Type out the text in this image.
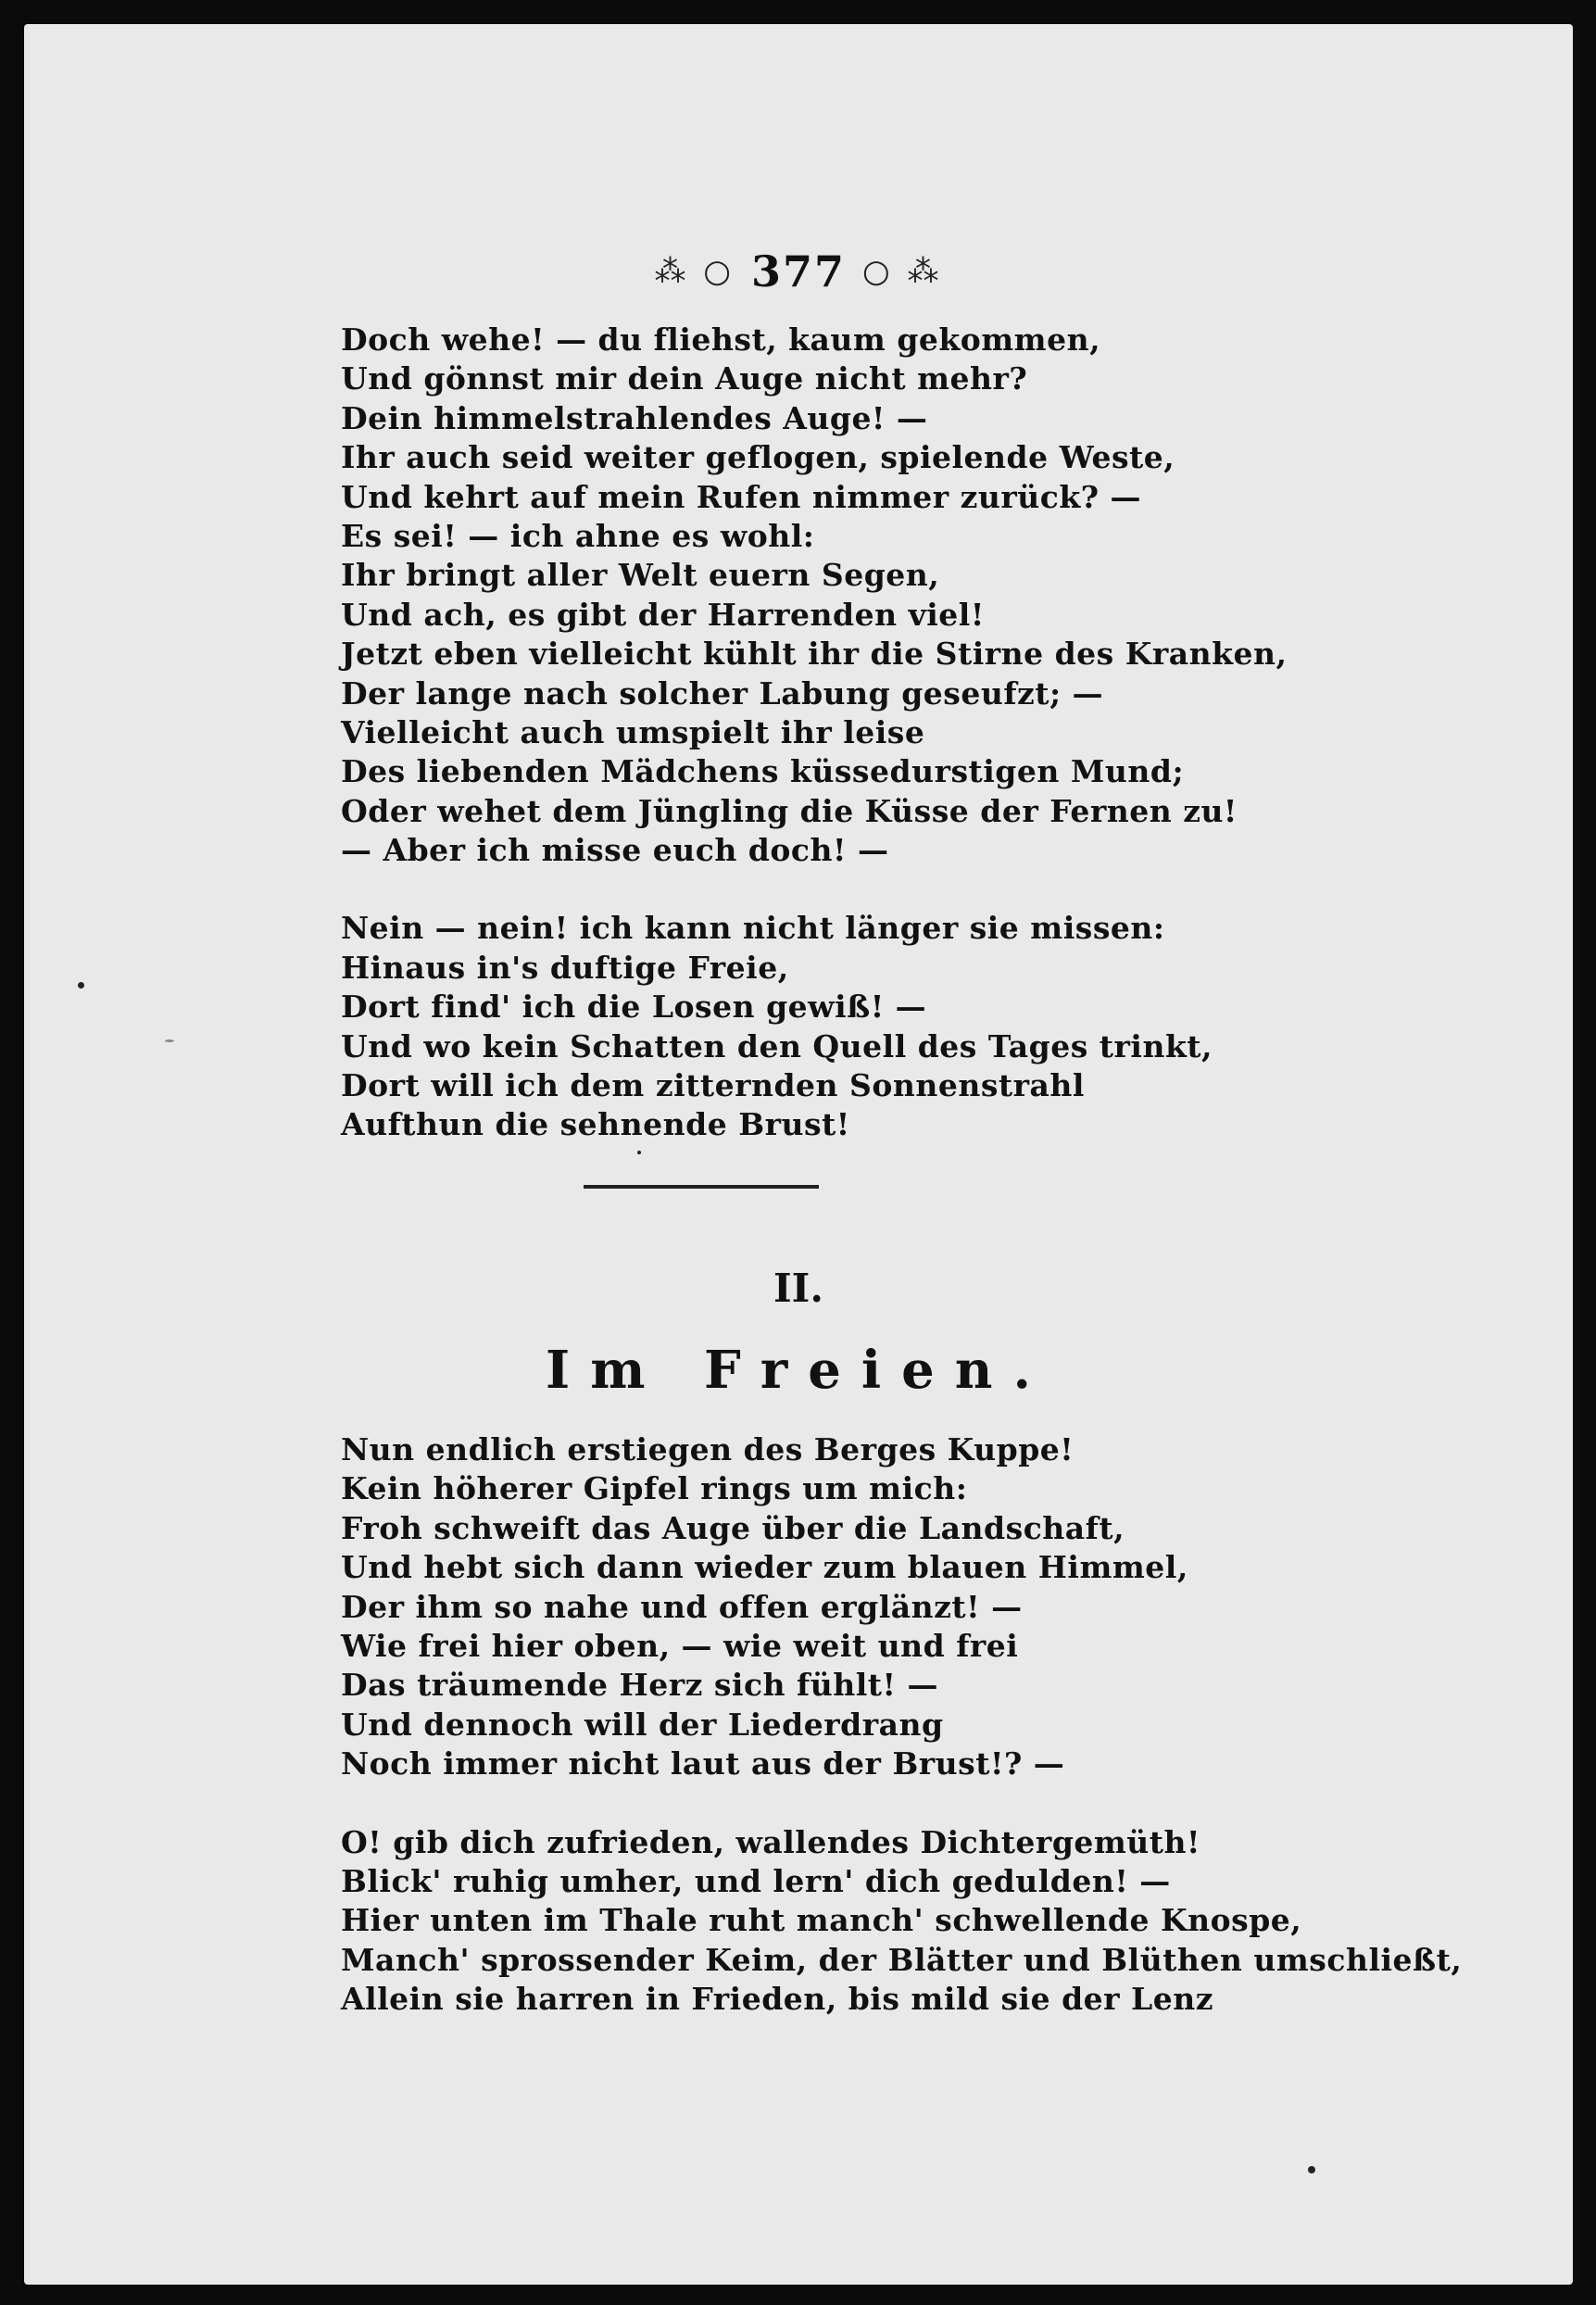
⁂ ○ 377 ○ ⁂
Doch wehe! — du fliehst, kaum gekommen,
Und gönnst mir dein Auge nicht mehr?
Dein himmelstrahlendes Auge! —
Ihr auch seid weiter geflogen, spielende Weste,
Und kehrt auf mein Rufen nimmer zurück? —
Es sei! — ich ahne es wohl:
Ihr bringt aller Welt euern Segen,
Und ach, es gibt der Harrenden viel!
Jetzt eben vielleicht kühlt ihr die Stirne des Kranken,
Der lange nach solcher Labung geseufzt; —
Vielleicht auch umspielt ihr leise
Des liebenden Mädchens küssedurstigen Mund;
Oder wehet dem Jüngling die Küsse der Fernen zu!
— Aber ich misse euch doch! —
Nein — nein! ich kann nicht länger sie missen:
Hinaus in's duftige Freie,
Dort find' ich die Losen gewiß! —
Und wo kein Schatten den Quell des Tages trinkt,
Dort will ich dem zitternden Sonnenstrahl
Aufthun die sehnende Brust!
II.
Im Freien.
Nun endlich erstiegen des Berges Kuppe!
Kein höherer Gipfel rings um mich:
Froh schweift das Auge über die Landschaft,
Und hebt sich dann wieder zum blauen Himmel,
Der ihm so nahe und offen erglänzt! —
Wie frei hier oben, — wie weit und frei
Das träumende Herz sich fühlt! —
Und dennoch will der Liederdrang
Noch immer nicht laut aus der Brust!? —
O! gib dich zufrieden, wallendes Dichtergemüth!
Blick' ruhig umher, und lern' dich gedulden! —
Hier unten im Thale ruht manch' schwellende Knospe,
Manch' sprossender Keim, der Blätter und Blüthen umschließt,
Allein sie harren in Frieden, bis mild sie der Lenz
